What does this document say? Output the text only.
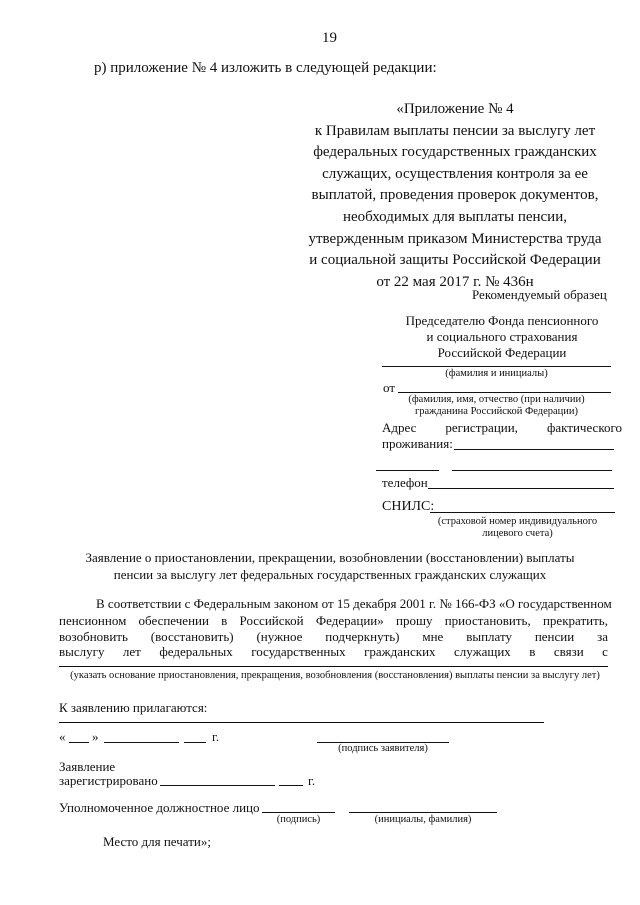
19
р) приложение № 4 изложить в следующей редакции:
«Приложение № 4
к Правилам выплаты пенсии за выслугу лет
федеральных государственных гражданских
служащих, осуществления контроля за ее
выплатой, проведения проверок документов,
необходимых для выплаты пенсии,
утвержденным приказом Министерства труда
и социальной защиты Российской Федерации
от 22 мая 2017 г. № 436н
Рекомендуемый образец
Председателю Фонда пенсионного
и социального страхования
Российской Федерации
(фамилия и инициалы)
от
(фамилия, имя, отчество (при наличии)
гражданина Российской Федерации)
Адрес регистрации, фактического
проживания:
телефон
СНИЛС:
(страховой номер индивидуального
лицевого счета)
Заявление о приостановлении, прекращении, возобновлении (восстановлении) выплаты
пенсии за выслугу лет федеральных государственных гражданских служащих
В соответствии с Федеральным законом от 15 декабря 2001 г. № 166-ФЗ «О государственном
пенсионном обеспечении в Российской Федерации» прошу приостановить, прекратить,
возобновить (восстановить) (нужное подчеркнуть) мне выплату пенсии за
выслугу лет федеральных государственных гражданских служащих в связи с
(указать основание приостановления, прекращения, возобновления (восстановления) выплаты пенсии за выслугу лет)
К заявлению прилагаются:
« »	г.
(подпись заявителя)
Заявление
зарегистрировано	г.
Уполномоченное должностное лицо
(подпись)	(инициалы, фамилия)
Место для печати»;
